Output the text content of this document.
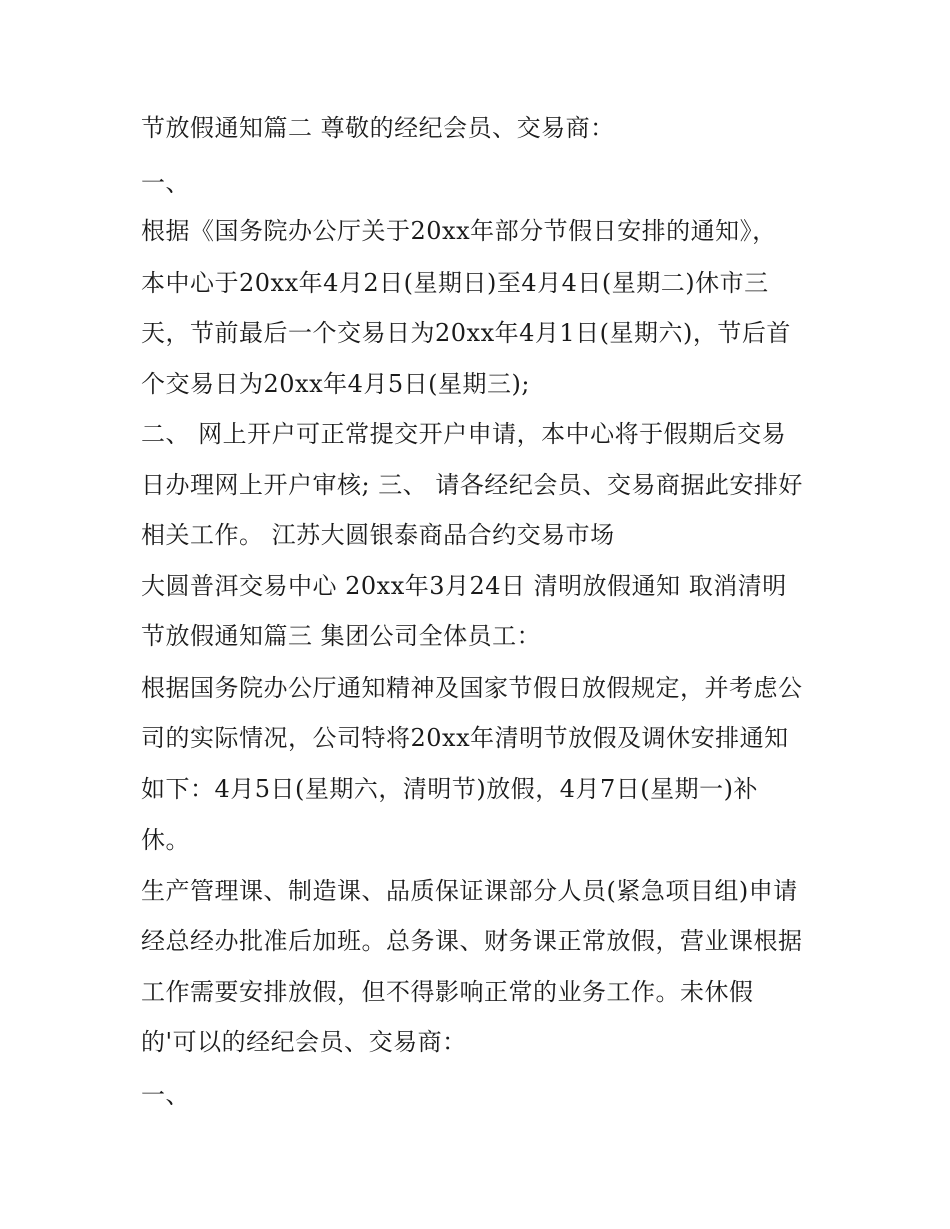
节放假通知篇二 尊敬的经纪会员、交易商：
一、
根据《国务院办公厅关于20xx年部分节假日安排的通知》，
本中心于20xx年4月2日(星期日)至4月4日(星期二)休市三
天，节前最后一个交易日为20xx年4月1日(星期六)，节后首
个交易日为20xx年4月5日(星期三);
二、 网上开户可正常提交开户申请，本中心将于假期后交易
日办理网上开户审核; 三、 请各经纪会员、交易商据此安排好
相关工作。 江苏大圆银泰商品合约交易市场
大圆普洱交易中心 20xx年3月24日 清明放假通知 取消清明
节放假通知篇三 集团公司全体员工：
根据国务院办公厅通知精神及国家节假日放假规定，并考虑公
司的实际情况，公司特将20xx年清明节放假及调休安排通知
如下：4月5日(星期六，清明节)放假，4月7日(星期一)补
休。
生产管理课、制造课、品质保证课部分人员(紧急项目组)申请
经总经办批准后加班。总务课、财务课正常放假，营业课根据
工作需要安排放假，但不得影响正常的业务工作。未休假
的'可以的经纪会员、交易商：
一、
